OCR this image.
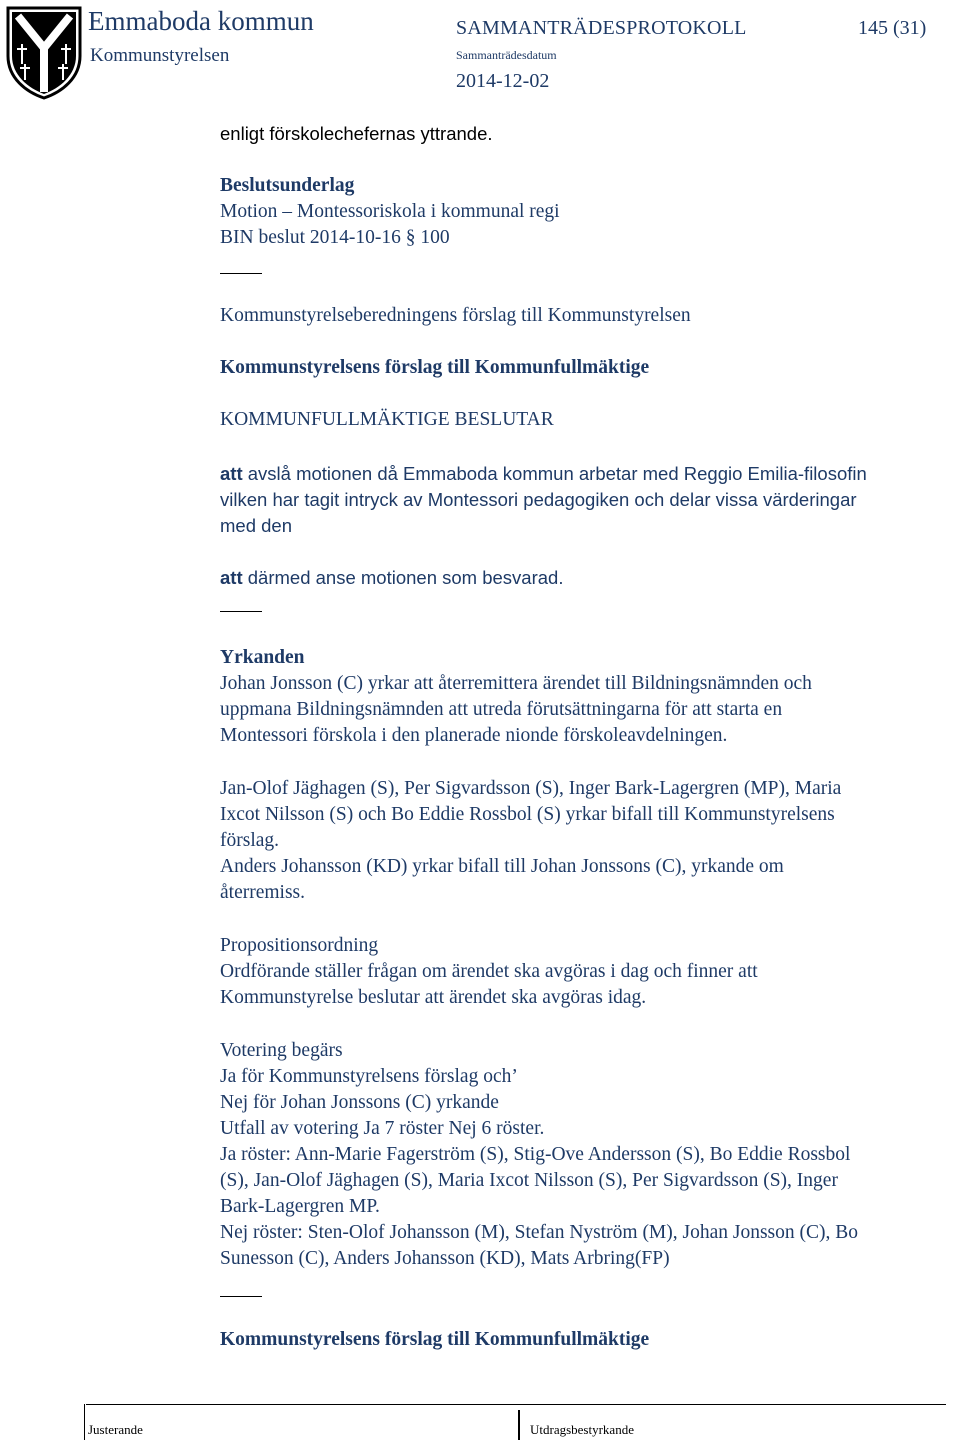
Emmaboda kommun
Kommunstyrelsen
SAMMANTRÄDESPROTOKOLL	145 (31)
Sammanträdesdatum
2014-12-02
enligt förskolechefernas yttrande.
Beslutsunderlag
Motion – Montessoriskola i kommunal regi
BIN beslut 2014-10-16 § 100
Kommunstyrelseberedningens förslag till Kommunstyrelsen
Kommunstyrelsens förslag till Kommunfullmäktige
KOMMUNFULLMÄKTIGE BESLUTAR
att avslå motionen då Emmaboda kommun arbetar med Reggio Emilia-filosofin
vilken har tagit intryck av Montessori pedagogiken och delar vissa värderingar
med den
att därmed anse motionen som besvarad.
Yrkanden
Johan Jonsson (C) yrkar att återremittera ärendet till Bildningsnämnden och
uppmana Bildningsnämnden att utreda förutsättningarna för att starta en
Montessori förskola i den planerade nionde förskoleavdelningen.
Jan-Olof Jäghagen (S), Per Sigvardsson (S), Inger Bark-Lagergren (MP), Maria
Ixcot Nilsson (S) och Bo Eddie Rossbol (S) yrkar bifall till Kommunstyrelsens
förslag.
Anders Johansson (KD) yrkar bifall till Johan Jonssons (C), yrkande om
återremiss.
Propositionsordning
Ordförande ställer frågan om ärendet ska avgöras i dag och finner att
Kommunstyrelse beslutar att ärendet ska avgöras idag.
Votering begärs
Ja för Kommunstyrelsens förslag och’
Nej för Johan Jonssons (C) yrkande
Utfall av votering Ja 7 röster Nej 6 röster.
Ja röster: Ann-Marie Fagerström (S), Stig-Ove Andersson (S), Bo Eddie Rossbol
(S), Jan-Olof Jäghagen (S), Maria Ixcot Nilsson (S), Per Sigvardsson (S), Inger
Bark-Lagergren MP.
Nej röster: Sten-Olof Johansson (M), Stefan Nyström (M), Johan Jonsson (C), Bo
Sunesson (C), Anders Johansson (KD), Mats Arbring(FP)
Kommunstyrelsens förslag till Kommunfullmäktige
Justerande	Utdragsbestyrkande
